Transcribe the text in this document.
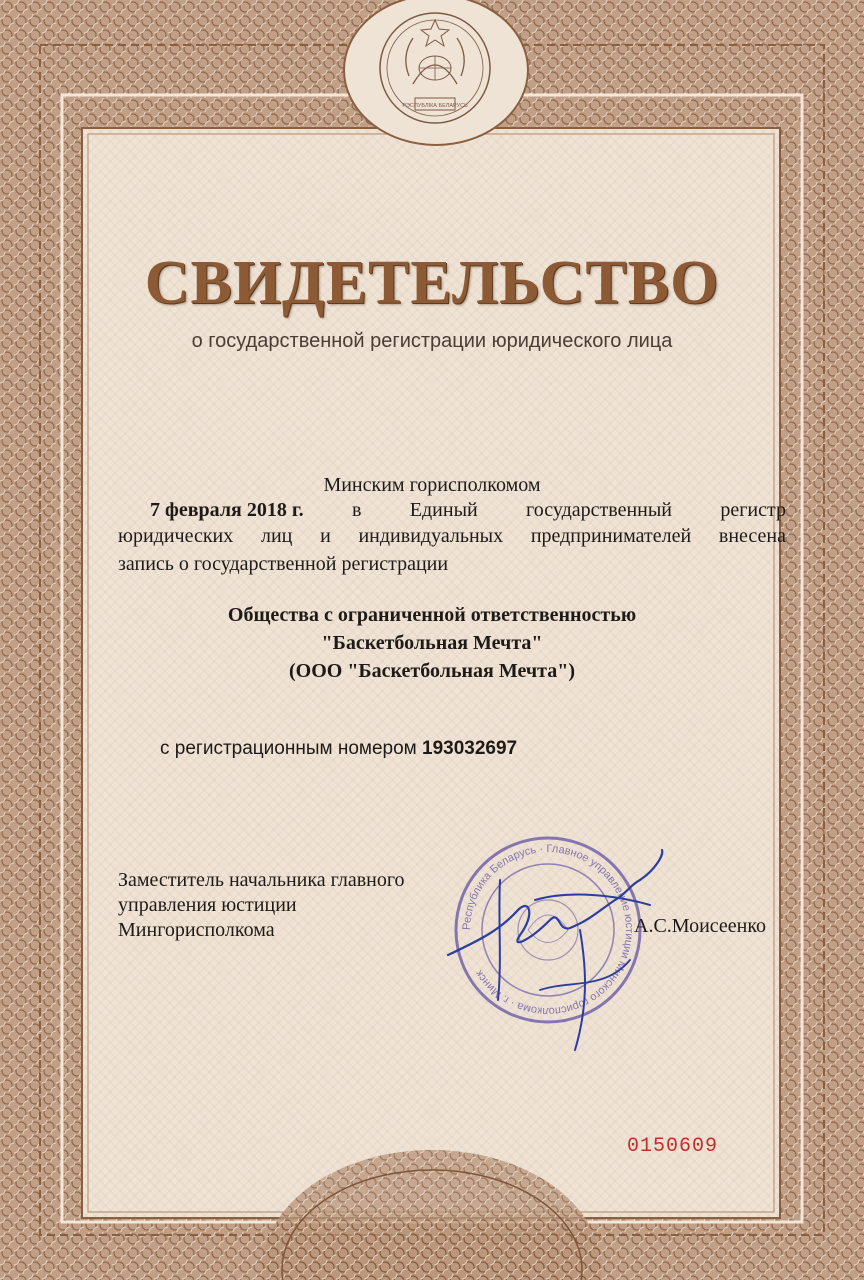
РЭСПУБЛІКА БЕЛАРУСЬ
СВИДЕТЕЛЬСТВО
о государственной регистрации юридического лица
Минским горисполкомом
7 февраля 2018 г. в Единый государственный регистр
юридических лиц и индивидуальных предпринимателей внесена
запись о государственной регистрации
Общества с ограниченной ответственностью
"Баскетбольная Мечта"
(ООО "Баскетбольная Мечта")
с регистрационным номером 193032697
Заместитель начальника главного
управления юстиции
Мингорисполкома	Республика Беларусь · Главное управление юстиции Минского горисполкома · г. Минск
А.С.Моисеенко
0150609
